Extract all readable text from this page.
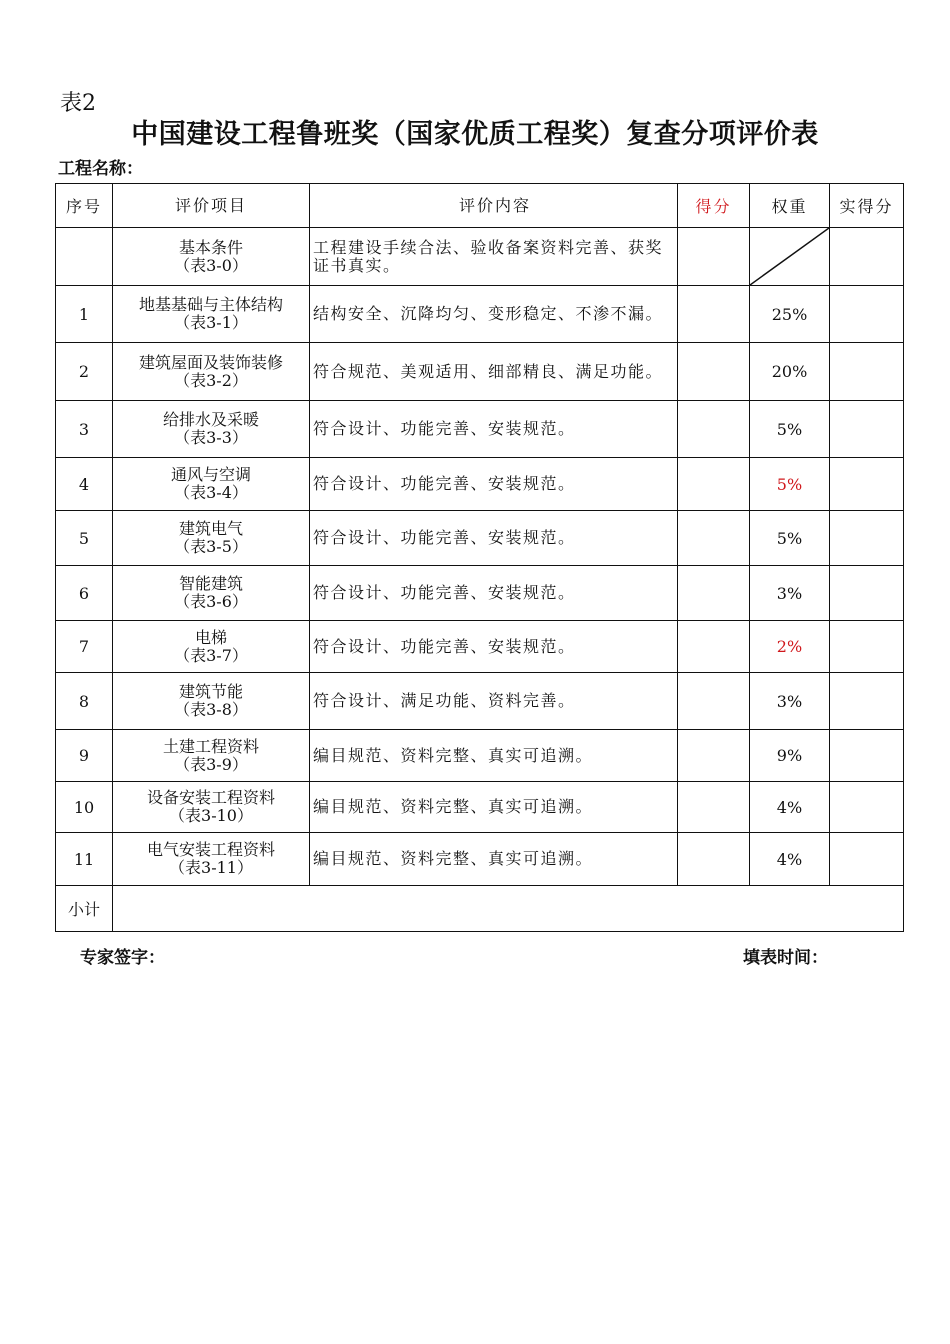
表2
中国建设工程鲁班奖（国家优质工程奖）复查分项评价表
工程名称：
序号	评价项目	评价内容	得分	权重	实得分

	基本条件
（表3-0）	工程建设手续合法、验收备案资料完善、获奖证书真实。		

1	地基基础与主体结构
（表3-1）	结构安全、沉降均匀、变形稳定、不渗不漏。		25%	
2	建筑屋面及装饰装修
（表3-2）	符合规范、美观适用、细部精良、满足功能。		20%	
3	给排水及采暖
（表3-3）	符合设计、功能完善、安装规范。		5%	
4	通风与空调
（表3-4）	符合设计、功能完善、安装规范。		5%	
5	建筑电气
（表3-5）	符合设计、功能完善、安装规范。		5%	
6	智能建筑
（表3-6）	符合设计、功能完善、安装规范。		3%	
7	电梯
（表3-7）	符合设计、功能完善、安装规范。		2%	
8	建筑节能
（表3-8）	符合设计、满足功能、资料完善。		3%	
9	土建工程资料
（表3-9）	编目规范、资料完整、真实可追溯。		9%	
10	设备安装工程资料
（表3-10）	编目规范、资料完整、真实可追溯。		4%	
11	电气安装工程资料
（表3-11）	编目规范、资料完整、真实可追溯。		4%	
小计					
专家签字：	填表时间：
